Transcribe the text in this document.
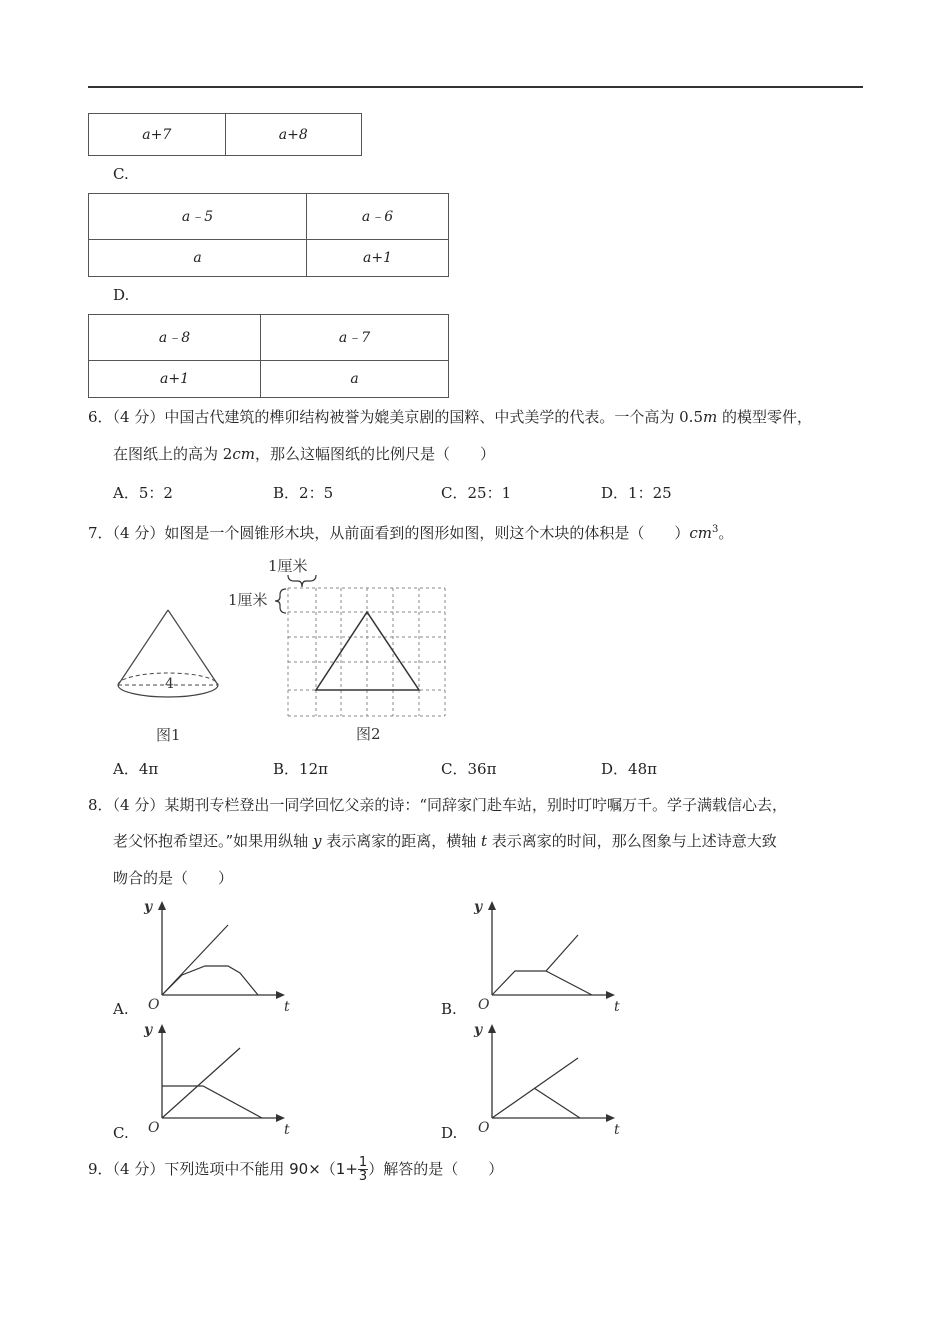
a+7	a+8
C.
a﹣5	a﹣6
a	a+1
D.
a﹣8	a﹣7
a+1	a
6．（4 分）中国古代建筑的榫卯结构被誉为媲美京剧的国粹、中式美学的代表。一个高为 0.5m 的模型零件，
在图纸上的高为 2cm，那么这幅图纸的比例尺是（　　）
A．5：2	B．2：5	C．25：1	D．1：25
7．（4 分）如图是一个圆锥形木块，从前面看到的图形如图，则这个木块的体积是（　　）$cm^3$。
4
图1
1厘米
1厘米
图2
A．4π	B．12π	C．36π	D．48π
8．（4 分）某期刊专栏登出一同学回忆父亲的诗：“同辞家门赴车站，别时叮咛嘱万千。学子满载信心去，
老父怀抱希望还。”如果用纵轴 y 表示离家的距离，横轴 t 表示离家的时间，那么图象与上述诗意大致
吻合的是（　　）
A.
y
t
O	B.
y
t
O
C.
y
t
O	D.
y
t
O
9．（4 分）下列选项中不能用 $90\times(1+ \frac{1}{3}$ ）解答的是（　　）
